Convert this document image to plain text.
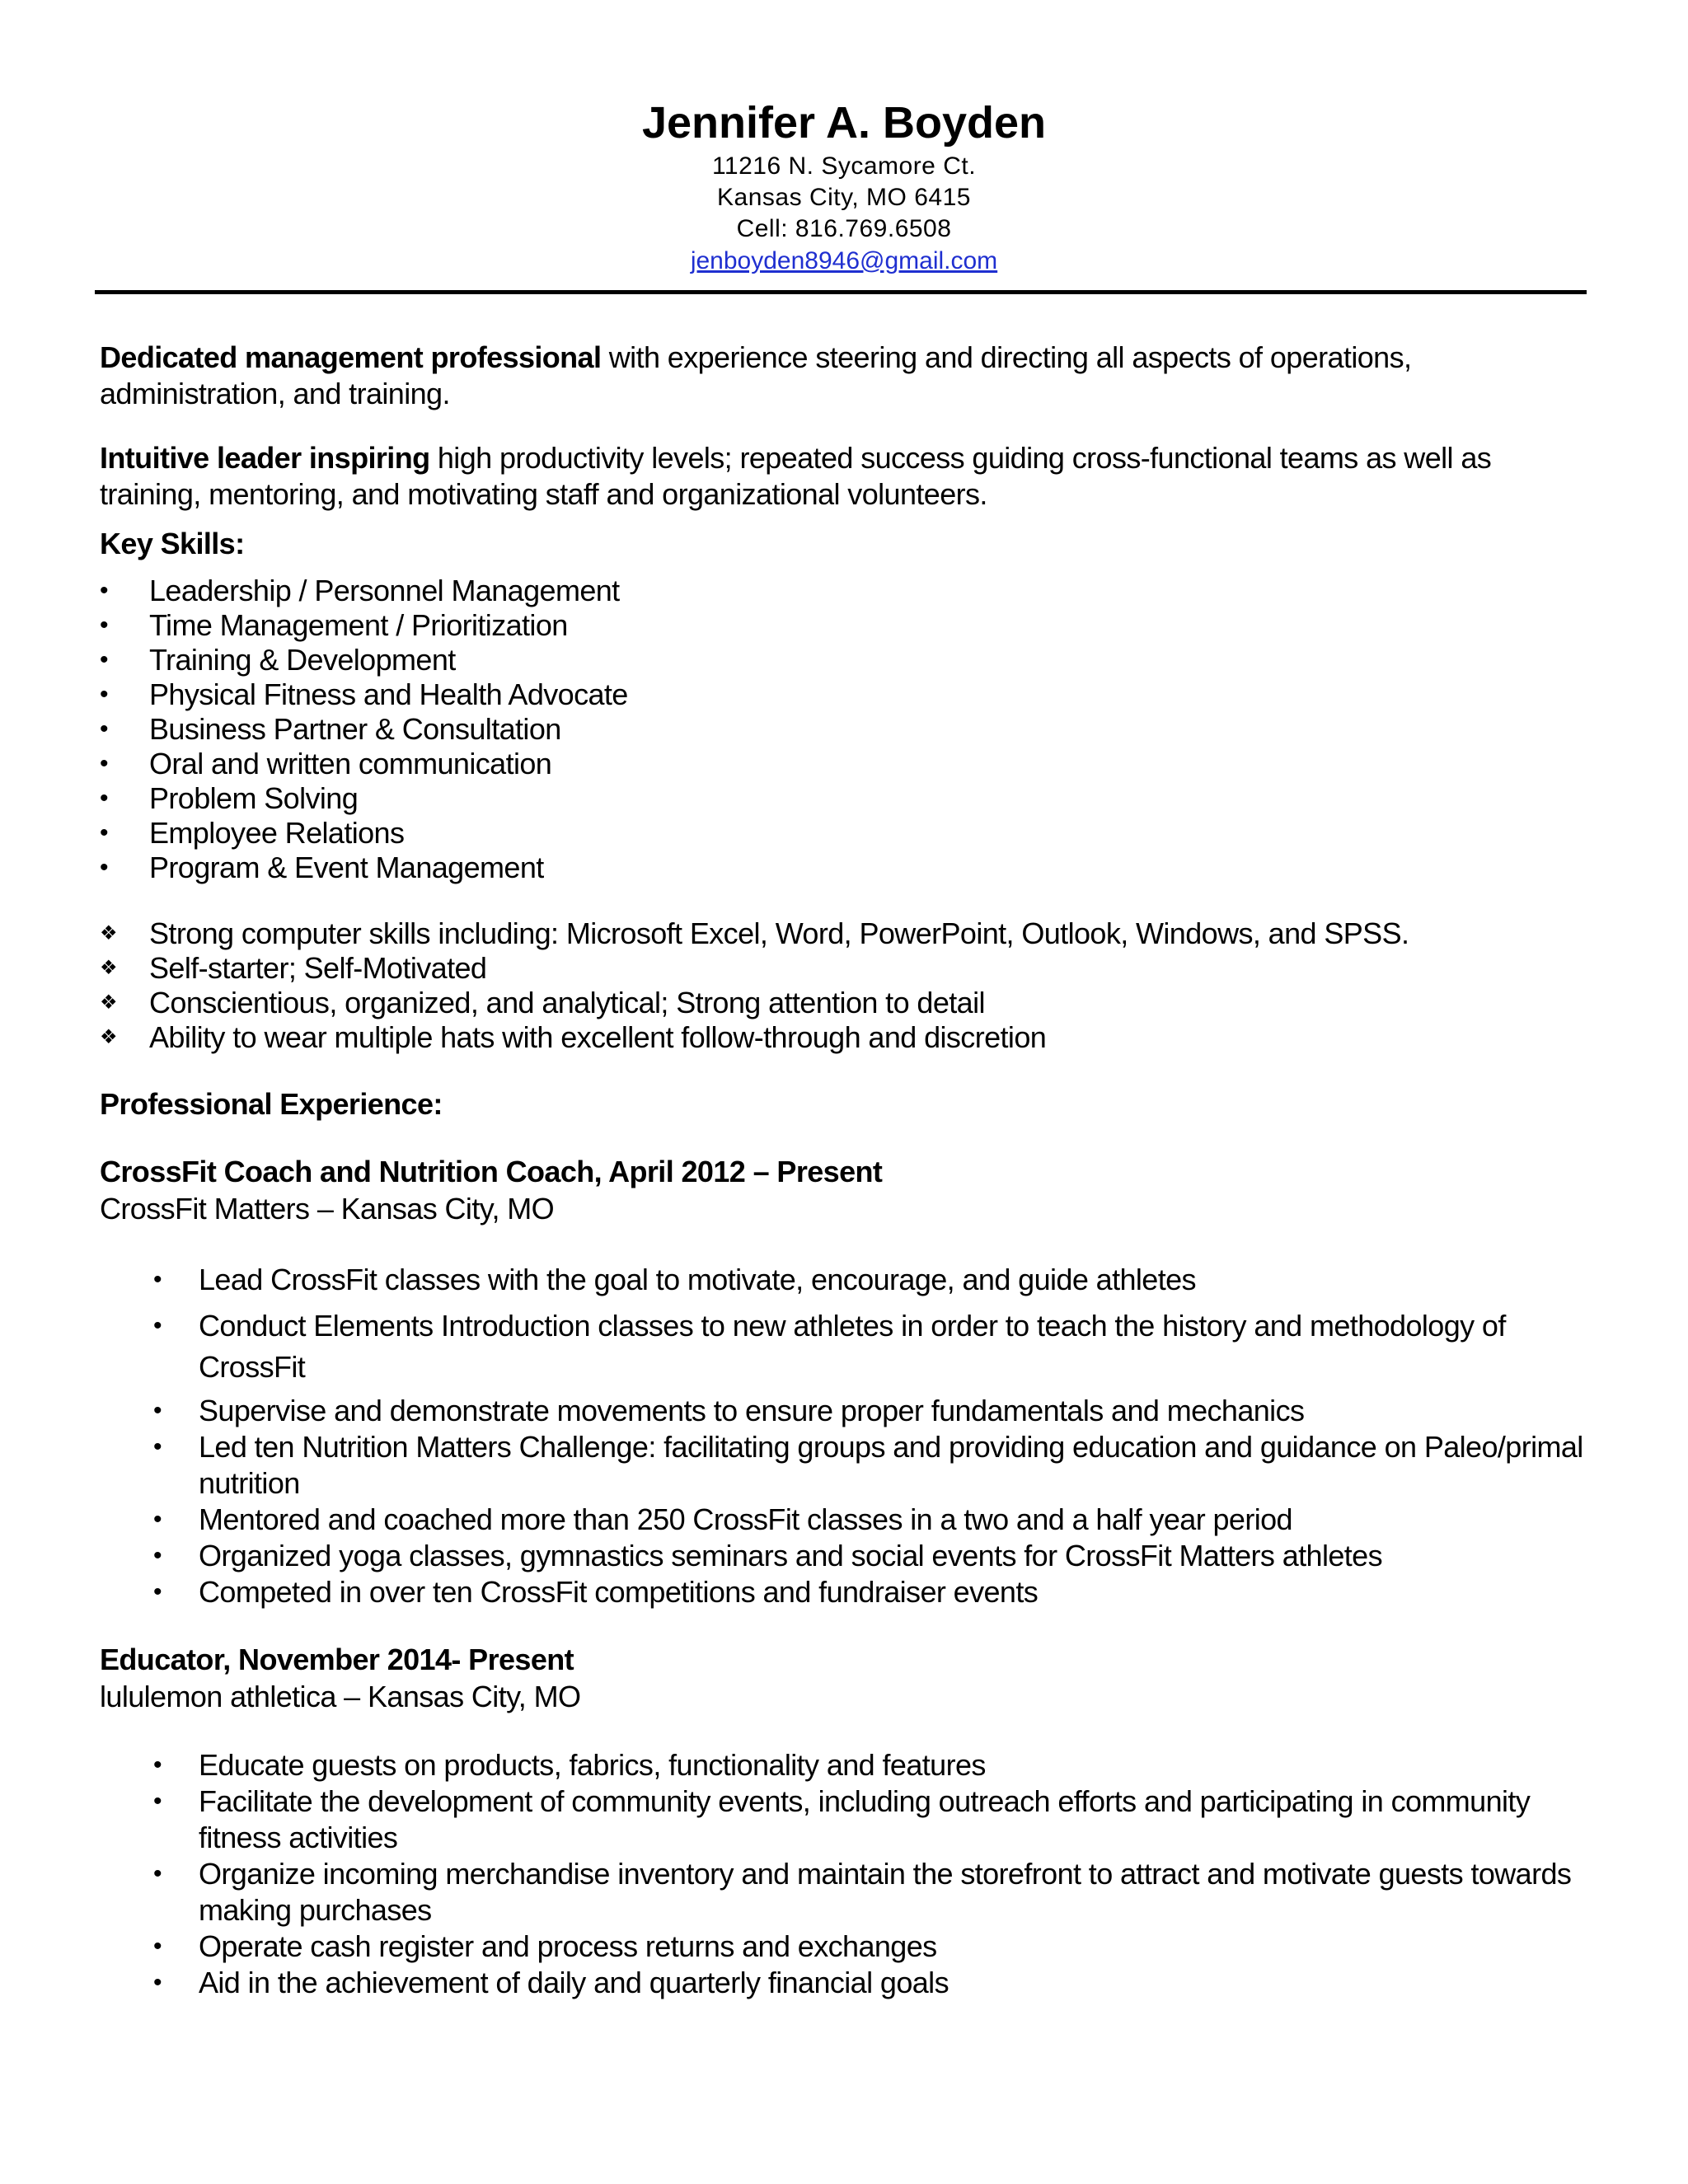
Jennifer A. Boyden
11216 N. Sycamore Ct.
Kansas City, MO 6415
Cell: 816.769.6508
jenboyden8946@gmail.com

Dedicated management professional with experience steering and directing all aspects of operations, administration, and training.

Intuitive leader inspiring high productivity levels; repeated success guiding cross-functional teams as well as training, mentoring, and motivating staff and organizational volunteers.

Key Skills:
• Leadership / Personnel Management
• Time Management / Prioritization
• Training & Development
• Physical Fitness and Health Advocate
• Business Partner & Consultation
• Oral and written communication
• Problem Solving
• Employee Relations
• Program & Event Management
❖ Strong computer skills including: Microsoft Excel, Word, PowerPoint, Outlook, Windows, and SPSS.
❖ Self-starter; Self-Motivated
❖ Conscientious, organized, and analytical; Strong attention to detail
❖ Ability to wear multiple hats with excellent follow-through and discretion
Professional Experience:
CrossFit Coach and Nutrition Coach, April 2012 – Present
CrossFit Matters – Kansas City, MO
• Lead CrossFit classes with the goal to motivate, encourage, and guide athletes
• Conduct Elements Introduction classes to new athletes in order to teach the history and methodology of CrossFit
• Supervise and demonstrate movements to ensure proper fundamentals and mechanics
• Led ten Nutrition Matters Challenge: facilitating groups and providing education and guidance on Paleo/primal nutrition
• Mentored and coached more than 250 CrossFit classes in a two and a half year period
• Organized yoga classes, gymnastics seminars and social events for CrossFit Matters athletes
• Competed in over ten CrossFit competitions and fundraiser events
Educator, November 2014- Present
lululemon athletica – Kansas City, MO
• Educate guests on products, fabrics, functionality and features
• Facilitate the development of community events, including outreach efforts and participating in community fitness activities
• Organize incoming merchandise inventory and maintain the storefront to attract and motivate guests towards making purchases
• Operate cash register and process returns and exchanges
• Aid in the achievement of daily and quarterly financial goals
